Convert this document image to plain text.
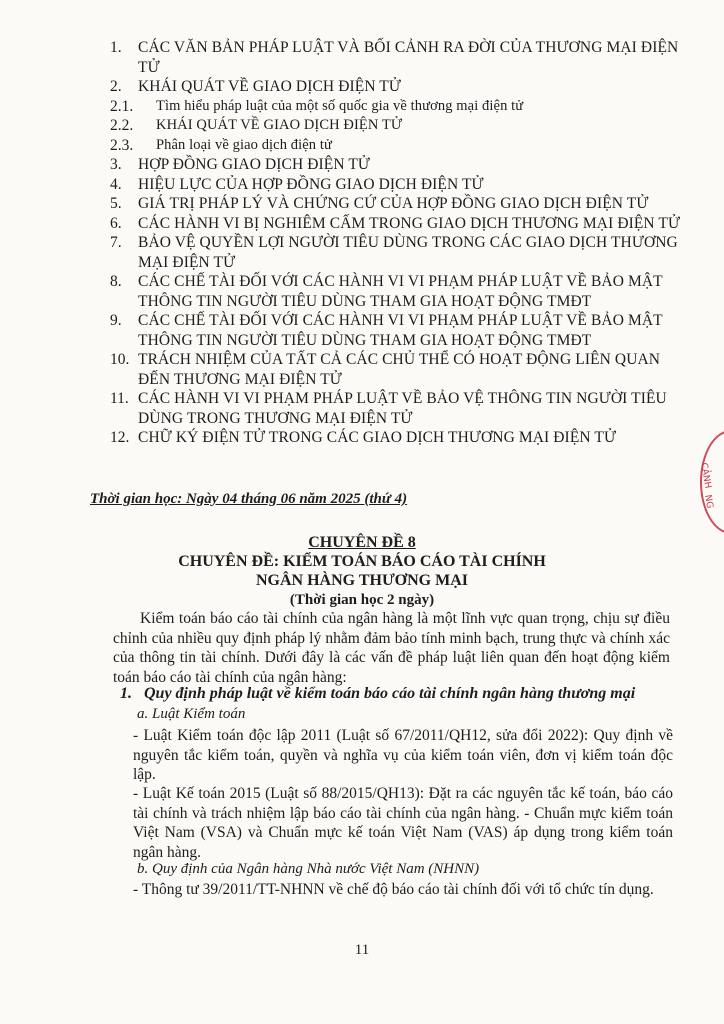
1.	CÁC VĂN BẢN PHÁP LUẬT VÀ BỐI CẢNH RA ĐỜI CỦA THƯƠNG MẠI ĐIỆN TỬ
2.	KHÁI QUÁT VỀ GIAO DỊCH ĐIỆN TỬ
2.1.	Tìm hiểu pháp luật của một số quốc gia về thương mại điện tử
2.2.	KHÁI QUÁT VỀ GIAO DỊCH ĐIỆN TỬ
2.3.	Phân loại về giao dịch điện tử
3.	HỢP ĐỒNG GIAO DỊCH ĐIỆN TỬ
4.	HIỆU LỰC CỦA HỢP ĐỒNG GIAO DỊCH ĐIỆN TỬ
5.	GIÁ TRỊ PHÁP LÝ VÀ CHỨNG CỨ CỦA HỢP ĐỒNG GIAO DỊCH ĐIỆN TỬ
6.	CÁC HÀNH VI BỊ NGHIÊM CẤM TRONG GIAO DỊCH THƯƠNG MẠI ĐIỆN TỬ
7.	BẢO VỆ QUYỀN LỢI NGƯỜI TIÊU DÙNG TRONG CÁC GIAO DỊCH THƯƠNG MẠI ĐIỆN TỬ
8.	CÁC CHẾ TÀI ĐỐI VỚI CÁC HÀNH VI VI PHẠM PHÁP LUẬT VỀ BẢO MẬT THÔNG TIN NGƯỜI TIÊU DÙNG THAM GIA HOẠT ĐỘNG TMĐT
9.	CÁC CHẾ TÀI ĐỐI VỚI CÁC HÀNH VI VI PHẠM PHÁP LUẬT VỀ BẢO MẬT THÔNG TIN NGƯỜI TIÊU DÙNG THAM GIA HOẠT ĐỘNG TMĐT
10. TRÁCH NHIỆM CỦA TẤT CẢ CÁC CHỦ THỂ CÓ HOẠT ĐỘNG LIÊN QUAN ĐẾN THƯƠNG MẠI ĐIỆN TỬ
11. CÁC HÀNH VI VI PHẠM PHÁP LUẬT VỀ BẢO VỆ THÔNG TIN NGƯỜI TIÊU DÙNG TRONG THƯƠNG MẠI ĐIỆN TỬ
12. CHỮ KÝ ĐIỆN TỬ TRONG CÁC GIAO DỊCH THƯƠNG MẠI ĐIỆN TỬ
Thời gian học: Ngày 04 tháng 06 năm 2025 (thứ 4)
CHUYÊN ĐỀ 8
CHUYÊN ĐỀ: KIỂM TOÁN BÁO CÁO TÀI CHÍNH
NGÂN HÀNG THƯƠNG MẠI
(Thời gian học 2 ngày)
Kiểm toán báo cáo tài chính của ngân hàng là một lĩnh vực quan trọng, chịu sự điều chỉnh của nhiều quy định pháp lý nhằm đảm bảo tính minh bạch, trung thực và chính xác của thông tin tài chính. Dưới đây là các vấn đề pháp luật liên quan đến hoạt động kiểm toán báo cáo tài chính của ngân hàng:
1. Quy định pháp luật về kiểm toán báo cáo tài chính ngân hàng thương mại
a. Luật Kiểm toán
- Luật Kiểm toán độc lập 2011 (Luật số 67/2011/QH12, sửa đổi 2022): Quy định về nguyên tắc kiểm toán, quyền và nghĩa vụ của kiểm toán viên, đơn vị kiểm toán độc lập.
- Luật Kế toán 2015 (Luật số 88/2015/QH13): Đặt ra các nguyên tắc kế toán, báo cáo tài chính và trách nhiệm lập báo cáo tài chính của ngân hàng. - Chuẩn mực kiểm toán Việt Nam (VSA) và Chuẩn mực kế toán Việt Nam (VAS) áp dụng trong kiểm toán ngân hàng.
b. Quy định của Ngân hàng Nhà nước Việt Nam (NHNN)
- Thông tư 39/2011/TT-NHNN về chế độ báo cáo tài chính đối với tổ chức tín dụng.
11
CẢNH
NG
